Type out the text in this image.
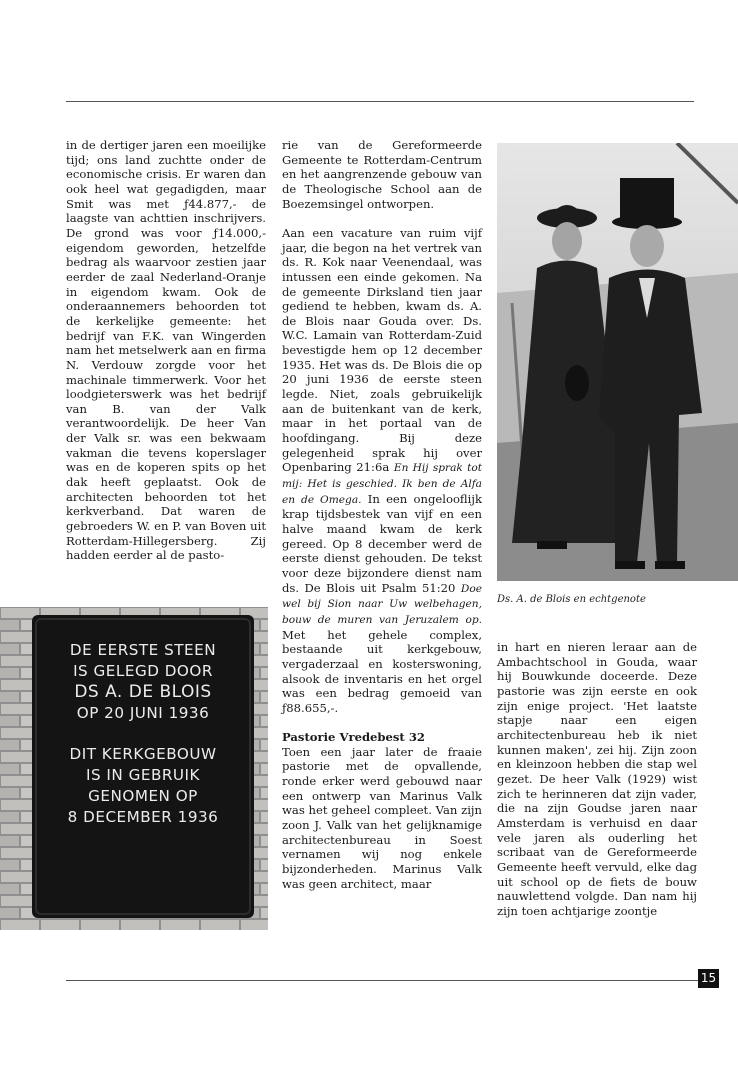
in de dertiger jaren een moeilijke tijd; ons land zuchtte onder de economische crisis. Er waren dan ook heel wat gegadigden, maar Smit was met ƒ44.877,- de laagste van achttien inschrijvers. De grond was voor ƒ14.000,- eigendom geworden, hetzelfde bedrag als waarvoor zestien jaar eerder de zaal Nederland-Oranje in eigendom kwam. Ook de onderaannemers behoorden tot de kerkelijke gemeente: het bedrijf van F.K. van Wingerden nam het metselwerk aan en firma N. Verdouw zorgde voor het machinale timmerwerk. Voor het loodgieterswerk was het bedrijf van B. van der Valk verantwoordelijk. De heer Van der Valk sr. was een bekwaam vakman die tevens koperslager was en de koperen spits op het dak heeft geplaatst. Ook de architecten behoorden tot het kerkverband. Dat waren de gebroeders W. en P. van Boven uit Rotterdam-Hillegersberg. Zij hadden eerder al de pasto-

rie van de Gereformeerde Gemeente te Rotterdam-Centrum en het aangrenzende gebouw van de Theologische School aan de Boezemsingel ontworpen.

Aan een vacature van ruim vijf jaar, die begon na het vertrek van ds. R. Kok naar Veenendaal, was intussen een einde gekomen. Na de gemeente Dirksland tien jaar gediend te hebben, kwam ds. A. de Blois naar Gouda over. Ds. W.C. Lamain van Rotterdam-Zuid bevestigde hem op 12 december 1935. Het was ds. De Blois die op 20 juni 1936 de eerste steen legde. Niet, zoals gebruikelijk aan de buitenkant van de kerk, maar in het portaal van de hoofdingang. Bij deze gelegenheid sprak hij over Openbaring 21:6a En Hij sprak tot mij: Het is geschied. Ik ben de Alfa en de Omega. In een ongelooflijk krap tijdsbestek van vijf en een halve maand kwam de kerk gereed. Op 8 december werd de eerste dienst gehouden. De tekst voor deze bijzondere dienst nam ds. De Blois uit Psalm 51:20 Doe wel bij Sion naar Uw welbehagen, bouw de muren van Jeruzalem op. Met het gehele complex, bestaande uit kerkgebouw, vergaderzaal en kosterswoning, alsook de inventaris en het orgel was een bedrag gemoeid van ƒ88.655,-.

Pastorie Vredebest 32

Toen een jaar later de fraaie pastorie met de opvallende, ronde erker werd gebouwd naar een ontwerp van Marinus Valk was het geheel compleet. Van zijn zoon J. Valk van het gelijknamige architectenbureau in Soest vernamen wij nog enkele bijzonderheden. Marinus Valk was geen architect, maar

Ds. A. de Blois en echtgenote
DE EERSTE STEEN
IS GELEGD DOOR
DS A. DE BLOIS
OP 20 JUNI 1936
DIT KERKGEBOUW
IS IN GEBRUIK
GENOMEN OP
8 DECEMBER 1936

in hart en nieren leraar aan de Ambachtschool in Gouda, waar hij Bouwkunde doceerde. Deze pastorie was zijn eerste en ook zijn enige project. 'Het laatste stapje naar een eigen architectenbureau heb ik niet kunnen maken', zei hij. Zijn zoon en kleinzoon hebben die stap wel gezet. De heer Valk (1929) wist zich te herinneren dat zijn vader, die na zijn Goudse jaren naar Amsterdam is verhuisd en daar vele jaren als ouderling het scribaat van de Gereformeerde Gemeente heeft vervuld, elke dag uit school op de fiets de bouw nauwlettend volgde. Dan nam hij zijn toen achtjarige zoontje

15
